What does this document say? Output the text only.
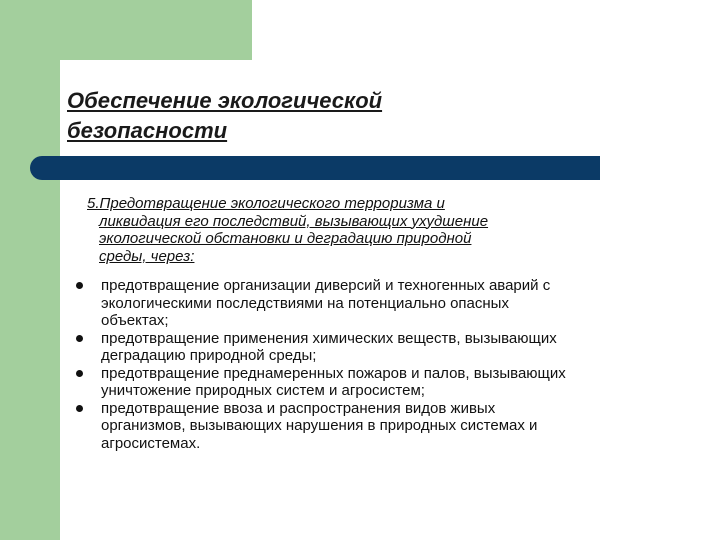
Обеспечение экологической
безопасности
5.Предотвращение экологического терроризма и
ликвидация его последствий, вызывающих ухудшение
экологической обстановки и деградацию природной
среды, через:
предотвращение организации диверсий и техногенных аварий с
экологическими последствиями на потенциально опасных
объектах;
предотвращение применения химических веществ, вызывающих
деградацию природной среды;
предотвращение преднамеренных пожаров и палов, вызывающих
уничтожение природных систем и агросистем;
предотвращение ввоза и распространения видов живых
организмов, вызывающих нарушения в природных системах и
агросистемах.
